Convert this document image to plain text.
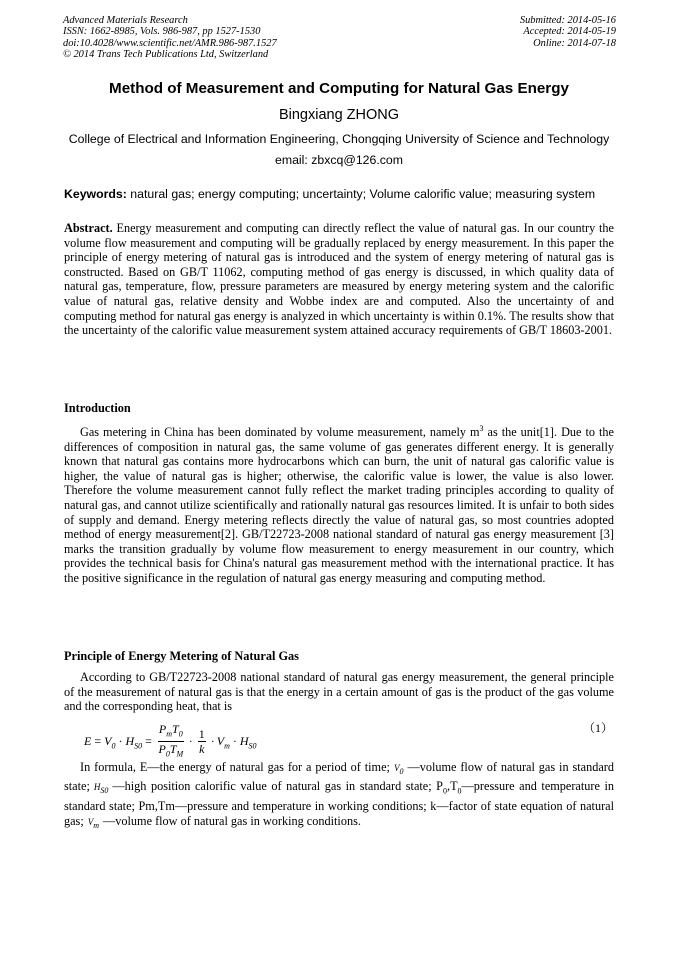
Advanced Materials Research
ISSN: 1662-8985, Vols. 986-987, pp 1527-1530
doi:10.4028/www.scientific.net/AMR.986-987.1527
© 2014 Trans Tech Publications Ltd, Switzerland
Submitted: 2014-05-16
Accepted: 2014-05-19
Online: 2014-07-18
Method of Measurement and Computing for Natural Gas Energy
Bingxiang ZHONG
College of Electrical and Information Engineering, Chongqing University of Science and Technology
email: zbxcq@126.com
Keywords: natural gas; energy computing; uncertainty; Volume calorific value; measuring system
Abstract. Energy measurement and computing can directly reflect the value of natural gas. In our country the volume flow measurement and computing will be gradually replaced by energy measurement. In this paper the principle of energy metering of natural gas is introduced and the system of energy metering of natural gas is constructed. Based on GB/T 11062, computing method of gas energy is discussed, in which quality data of natural gas, temperature, flow, pressure parameters are measured by energy metering system and the calorific value of natural gas, relative density and Wobbe index are and computed. Also the uncertainty of and computing method for natural gas energy is analyzed in which uncertainty is within 0.1%. The results show that the uncertainty of the calorific value measurement system attained accuracy requirements of GB/T 18603-2001.
Introduction
Gas metering in China has been dominated by volume measurement, namely $m^3$ as the unit[1]. Due to the differences of composition in natural gas, the same volume of gas generates different energy. It is generally known that natural gas contains more hydrocarbons which can burn, the unit of natural gas calorific value is higher, the value of natural gas is higher; otherwise, the calorific value is lower, the value is also lower. Therefore the volume measurement cannot fully reflect the market trading principles according to quality of natural gas, and cannot utilize scientifically and rationally natural gas resources limited. It is unfair to both sides of supply and demand. Energy metering reflects directly the value of natural gas, so most countries adopted method of energy measurement[2]. GB/T22723-2008 national standard of natural gas energy measurement [3] marks the transition gradually by volume flow measurement to energy measurement in our country, which provides the technical basis for China's natural gas measurement method with the international practice. It has the positive significance in the regulation of natural gas energy measuring and computing method.
Principle of Energy Metering of Natural Gas
According to GB/T22723-2008 national standard of natural gas energy measurement, the general principle of the measurement of natural gas is that the energy in a certain amount of gas is the product of the gas volume and the corresponding heat, that is
$E = V_0 \cdot H_{S0} = \frac{P_mT_0}{P_0T_M} \cdot \frac{1}{k} \cdot V_m \cdot H_{S0}$
（1）
In formula, E—the energy of natural gas for a period of time; $V_0$ —volume flow of natural gas in standard state; $H_{S0}$ —high position calorific value of natural gas in standard state; $P_0,T_0—pressure$ and temperature in standard state; Pm,Tm—pressure and temperature in working conditions; k—factor of state equation of natural gas; $V_m$ —volume flow of natural gas in working conditions.
